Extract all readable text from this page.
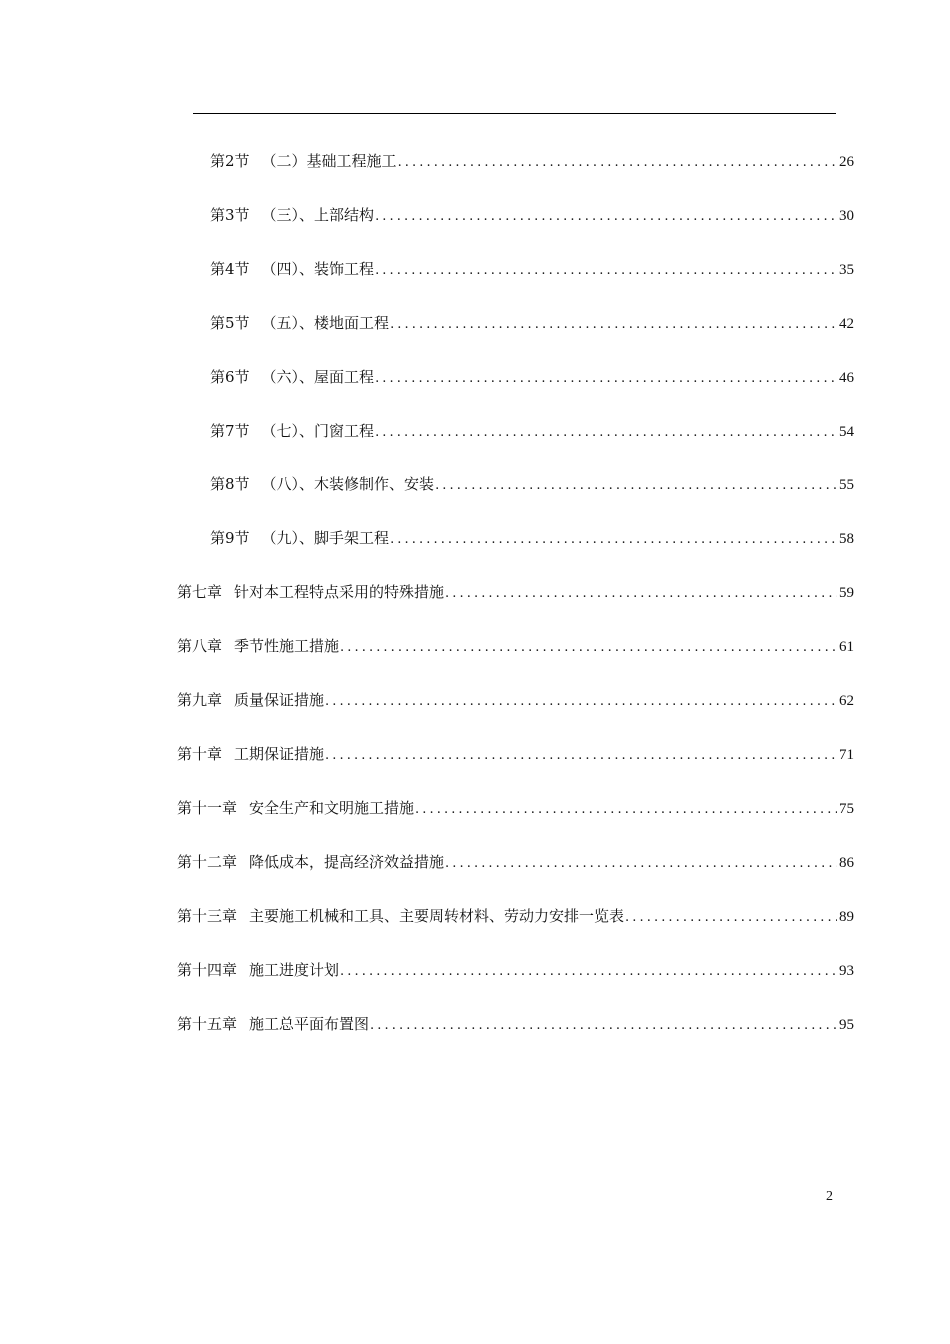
第2节 （二）基础工程施工 .....	26
第3节 （三）、上部结构 .....	30
第4节 （四）、装饰工程 .....	35
第5节 （五）、楼地面工程 .....	42
第6节 （六）、屋面工程 .....	46
第7节 （七）、门窗工程 .....	54
第8节 （八）、木装修制作、安装 .....	55
第9节 （九）、脚手架工程 .....	58
第七章 针对本工程特点采用的特殊措施 .....	59
第八章 季节性施工措施 .....	61
第九章 质量保证措施 .....	62
第十章 工期保证措施 .....	71
第十一章 安全生产和文明施工措施 .....	75
第十二章 降低成本，提高经济效益措施 .....	86
第十三章 主要施工机械和工具、主要周转材料、劳动力安排一览表 .....	89
第十四章 施工进度计划 .....	93
第十五章 施工总平面布置图 .....	95
2
